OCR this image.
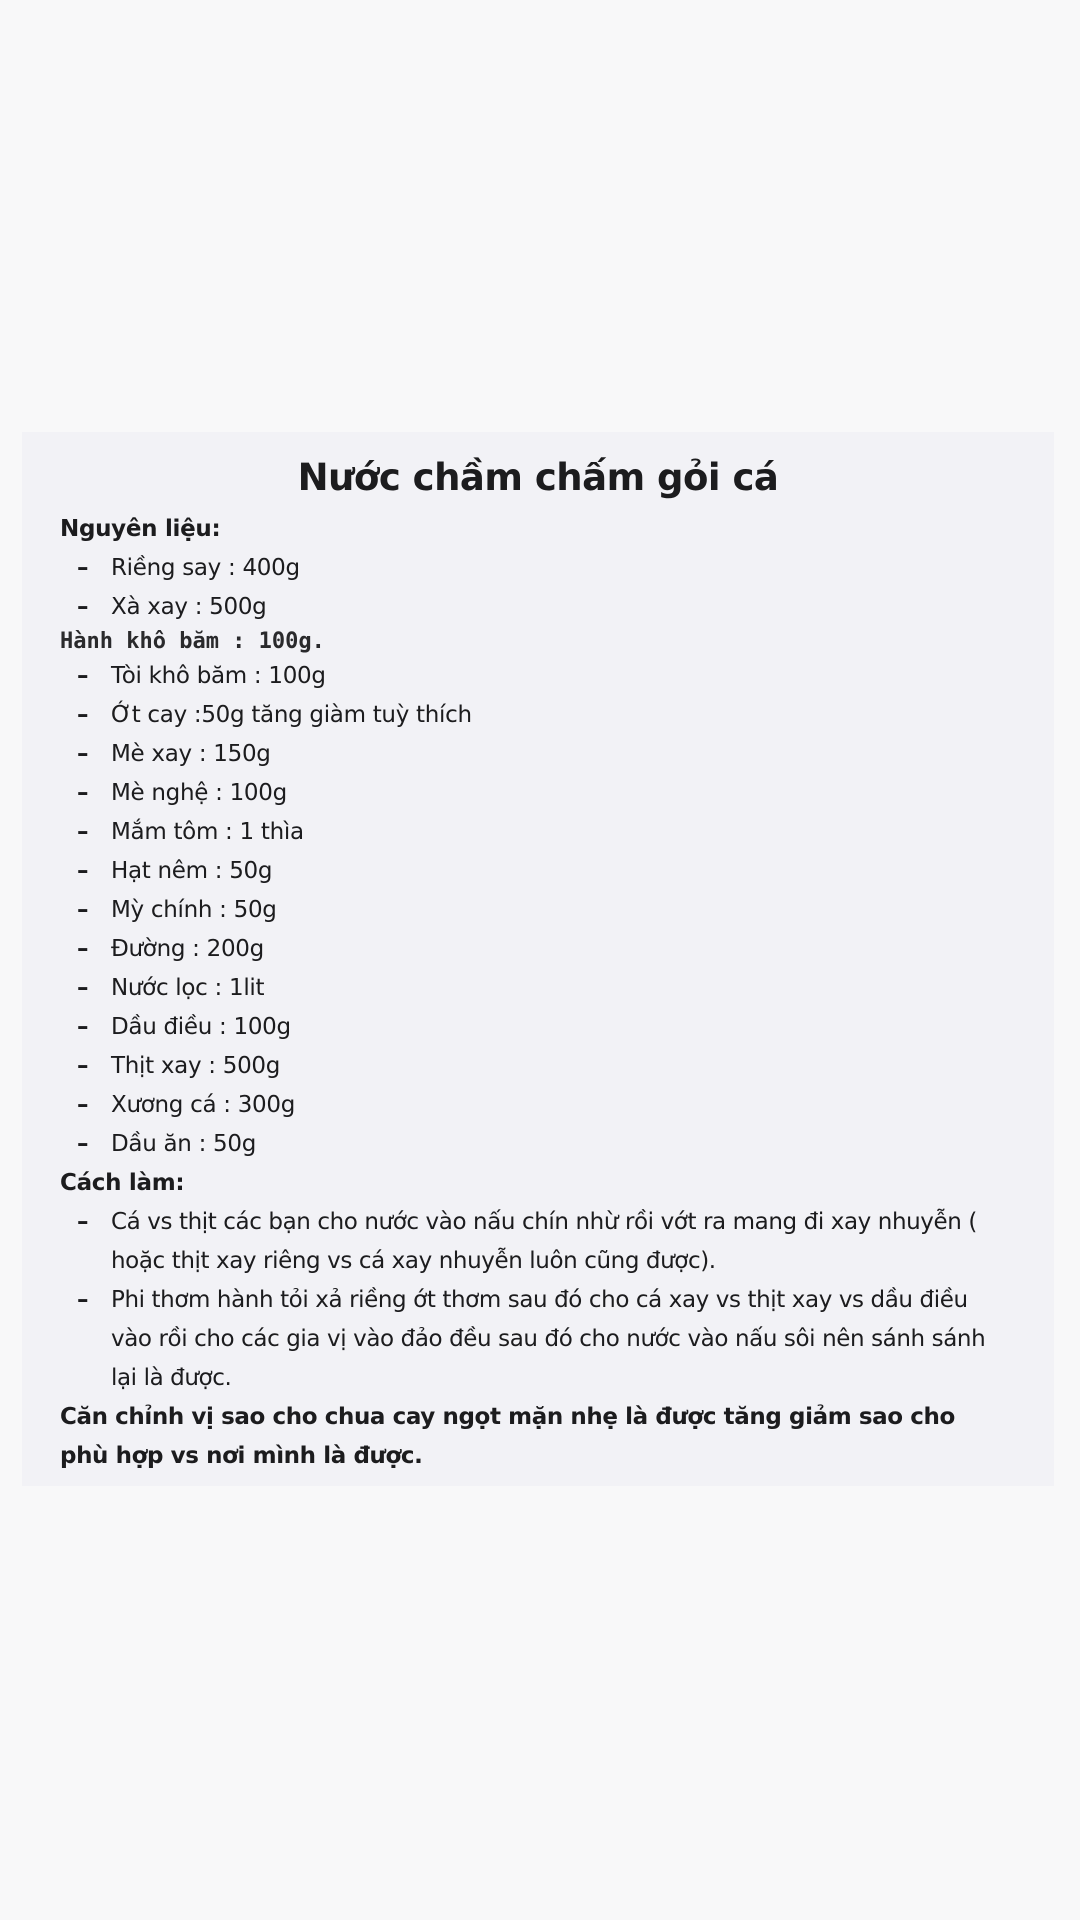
Nước chầm chấm gỏi cá
Nguyên liệu:
– Riềng say : 400g
– Xà xay : 500g
Hành khô băm : 100g.
– Tòi khô băm : 100g
– Ớt cay :50g tăng giàm tuỳ thích
– Mè xay : 150g
– Mè nghệ : 100g
– Mắm tôm : 1 thìa
– Hạt nêm : 50g
– Mỳ chính : 50g
– Đường : 200g
– Nước lọc : 1lit
– Dầu điều : 100g
– Thịt xay : 500g
– Xương cá : 300g
– Dầu ăn : 50g
Cách làm:
– Cá vs thịt các bạn cho nước vào nấu chín nhừ rồi vớt ra mang đi xay nhuyễn ( hoặc thịt xay riêng vs cá xay nhuyễn luôn cũng được).
– Phi thơm hành tỏi xả riềng ớt thơm sau đó cho cá xay vs thịt xay vs dầu điều vào rồi cho các gia vị vào đảo đều sau đó cho nước vào nấu sôi nên sánh sánh lại là được.
Căn chỉnh vị sao cho chua cay ngọt mặn nhẹ là được tăng giảm sao cho phù hợp vs nơi mình là được.
